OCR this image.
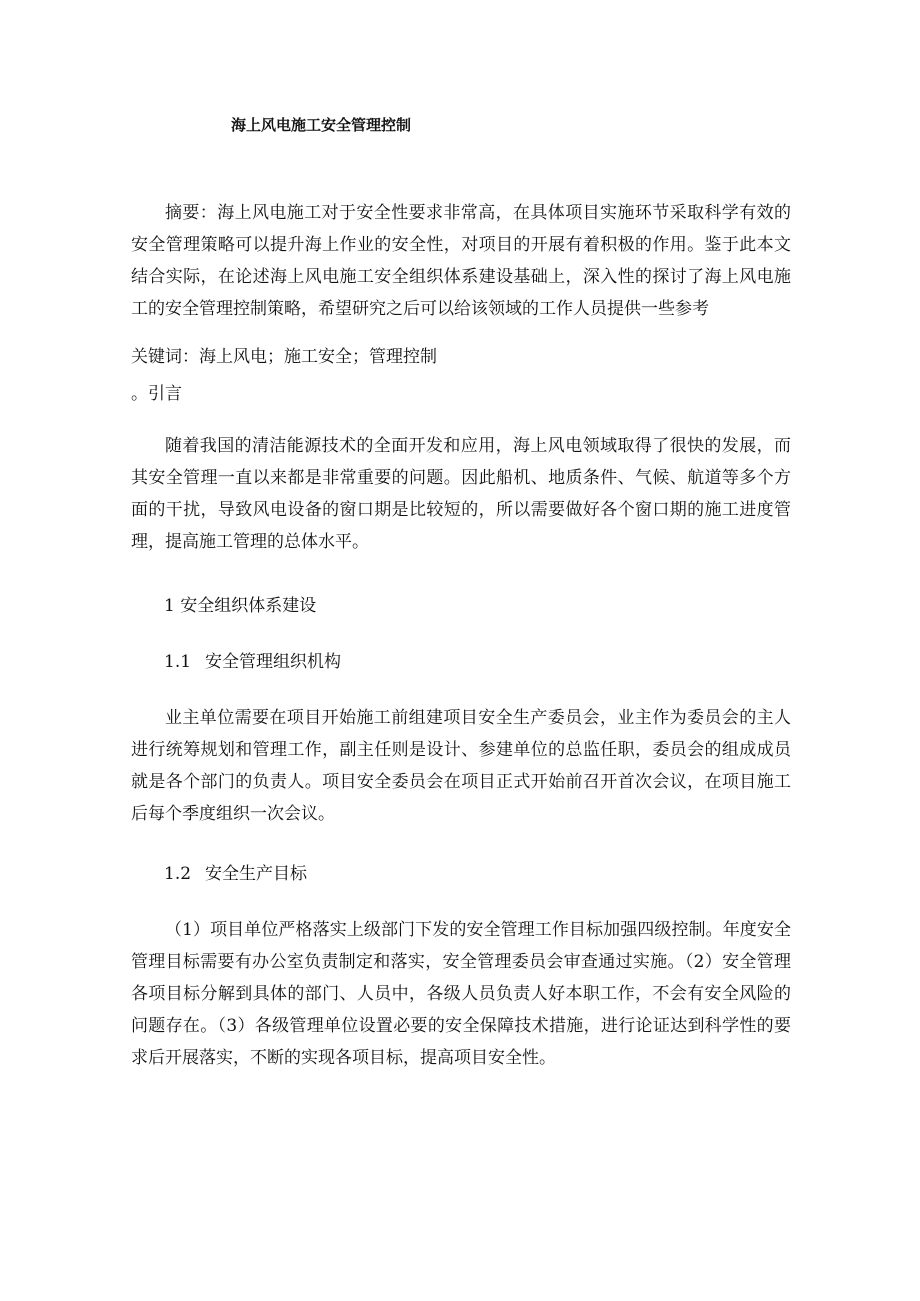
海上风电施工安全管理控制
摘要：海上风电施工对于安全性要求非常高，在具体项目实施环节采取科学有效的安全管理策略可以提升海上作业的安全性，对项目的开展有着积极的作用。鉴于此本文结合实际，在论述海上风电施工安全组织体系建设基础上，深入性的探讨了海上风电施工的安全管理控制策略，希望研究之后可以给该领域的工作人员提供一些参考
关键词：海上风电；施工安全；管理控制
。引言
随着我国的清洁能源技术的全面开发和应用，海上风电领域取得了很快的发展，而其安全管理一直以来都是非常重要的问题。因此船机、地质条件、气候、航道等多个方面的干扰，导致风电设备的窗口期是比较短的，所以需要做好各个窗口期的施工进度管理，提高施工管理的总体水平。
1 安全组织体系建设
1.1 安全管理组织机构
业主单位需要在项目开始施工前组建项目安全生产委员会，业主作为委员会的主人进行统筹规划和管理工作，副主任则是设计、参建单位的总监任职，委员会的组成成员就是各个部门的负责人。项目安全委员会在项目正式开始前召开首次会议，在项目施工后每个季度组织一次会议。
1.2 安全生产目标
（1）项目单位严格落实上级部门下发的安全管理工作目标加强四级控制。年度安全管理目标需要有办公室负责制定和落实，安全管理委员会审查通过实施。（2）安全管理各项目标分解到具体的部门、人员中，各级人员负责人好本职工作，不会有安全风险的问题存在。（3）各级管理单位设置必要的安全保障技术措施，进行论证达到科学性的要求后开展落实，不断的实现各项目标，提高项目安全性。
